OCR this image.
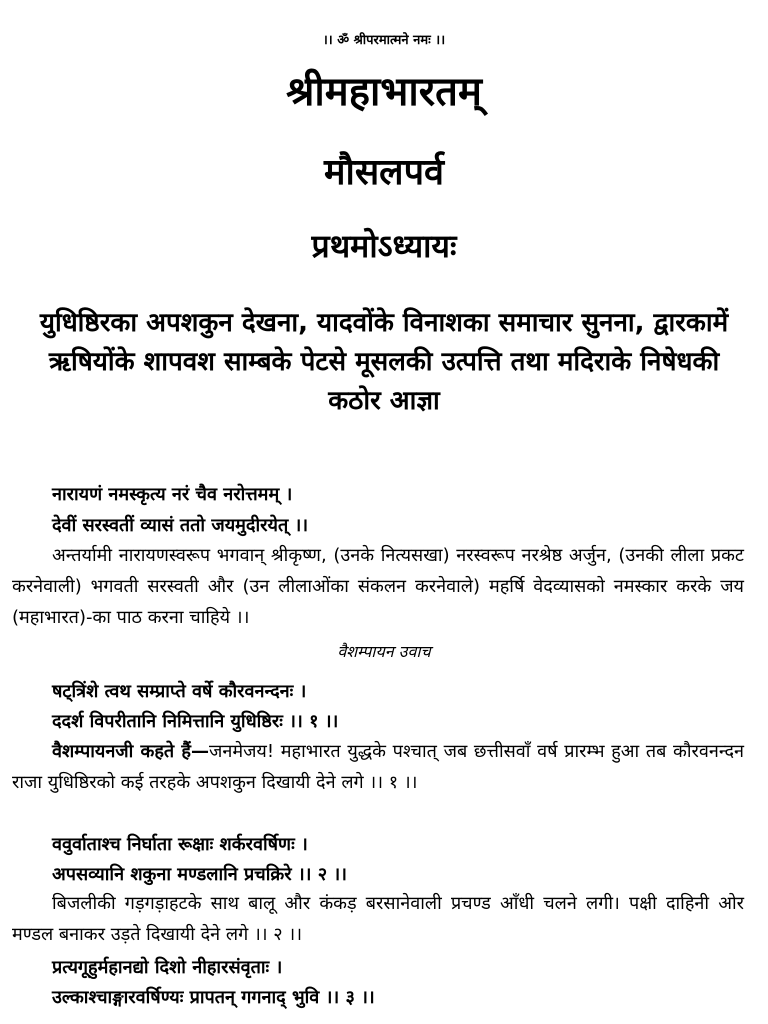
।। ॐ श्रीपरमात्मने नमः ।।
श्रीमहाभारतम्
मौसलपर्व
प्रथमोऽध्यायः
युधिष्ठिरका अपशकुन देखना, यादवोंके विनाशका समाचार सुनना, द्वारकामें ऋषियोंके शापवश साम्बके पेटसे मूसलकी उत्पत्ति तथा मदिराके निषेधकी कठोर आज्ञा
नारायणं नमस्कृत्य नरं चैव नरोत्तमम् ।
देवीं सरस्वतीं व्यासं ततो जयमुदीरयेत् ।।
अन्तर्यामी नारायणस्वरूप भगवान् श्रीकृष्ण, (उनके नित्यसखा) नरस्वरूप नरश्रेष्ठ अर्जुन, (उनकी लीला प्रकट करनेवाली) भगवती सरस्वती और (उन लीलाओंका संकलन करनेवाले) महर्षि वेदव्यासको नमस्कार करके जय (महाभारत)-का पाठ करना चाहिये ।।
वैशम्पायन उवाच
षट्त्रिंशे त्वथ सम्प्राप्ते वर्षे कौरवनन्दनः ।
ददर्श विपरीतानि निमित्तानि युधिष्ठिरः ।। १ ।।
वैशम्पायनजी कहते हैं—जनमेजय! महाभारत युद्धके पश्चात् जब छत्तीसवाँ वर्ष प्रारम्भ हुआ तब कौरवनन्दन राजा युधिष्ठिरको कई तरहके अपशकुन दिखायी देने लगे ।। १ ।।
ववुर्वाताश्च निर्घाता रूक्षाः शर्करवर्षिणः ।
अपसव्यानि शकुना मण्डलानि प्रचक्रिरे ।। २ ।।
बिजलीकी गड़गड़ाहटके साथ बालू और कंकड़ बरसानेवाली प्रचण्ड आँधी चलने लगी। पक्षी दाहिनी ओर मण्डल बनाकर उड़ते दिखायी देने लगे ।। २ ।।
प्रत्यगूहुर्महानद्यो दिशो नीहारसंवृताः ।
उल्काश्चाङ्गारवर्षिण्यः प्रापतन् गगनाद् भुवि ।। ३ ।।
